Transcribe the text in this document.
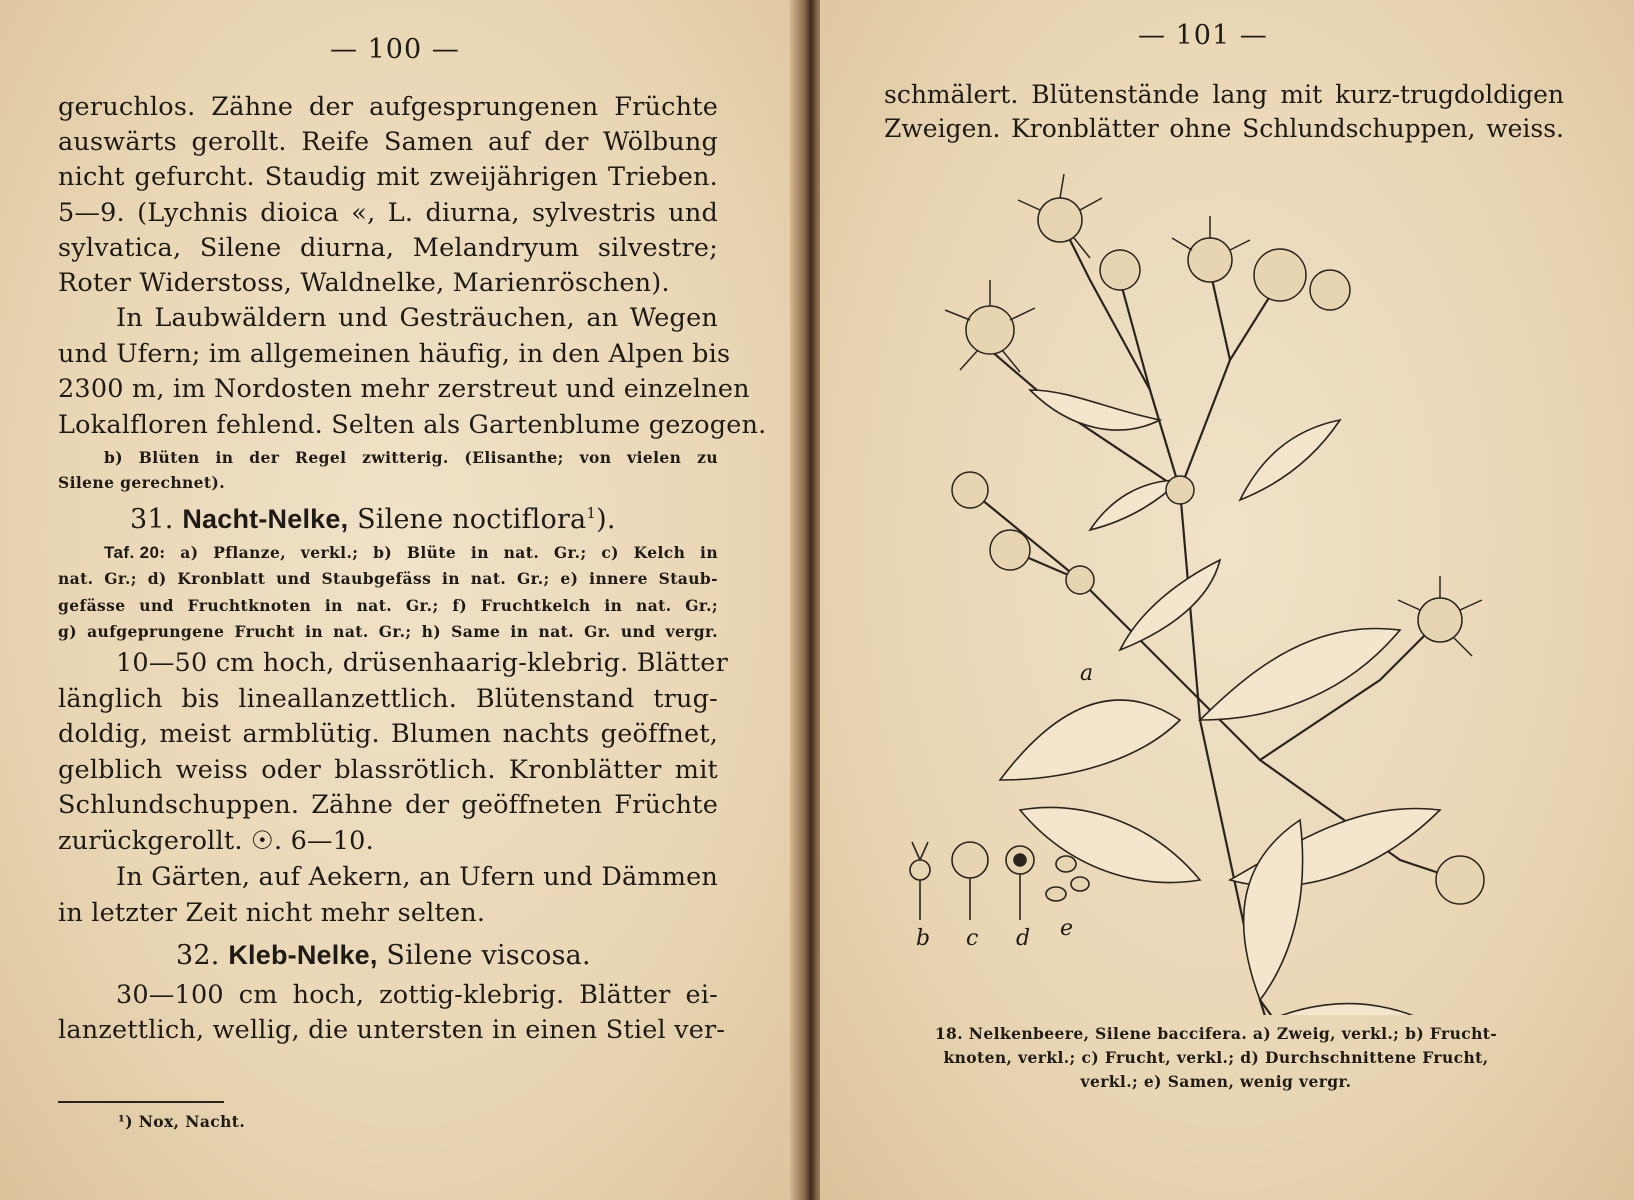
— 100 —
geruchlos. Zähne der aufgesprungenen Früchte
auswärts gerollt. Reife Samen auf der Wölbung
nicht gefurcht. Staudig mit zweijährigen Trieben.
5—9. (Lychnis dioica «, L. diurna, sylvestris und
sylvatica, Silene diurna, Melandryum silvestre;
Roter Widerstoss, Waldnelke, Marienröschen).
In Laubwäldern und Gesträuchen, an Wegen
und Ufern; im allgemeinen häufig, in den Alpen bis
2300 m, im Nordosten mehr zerstreut und einzelnen
Lokalfloren fehlend. Selten als Gartenblume gezogen.
b) Blüten in der Regel zwitterig. (Elisanthe; von vielen zu
Silene gerechnet).
31. Nacht-Nelke, Silene noctiflora$^1$).
Taf. 20 : a) Pflanze, verkl.; b) Blüte in nat. Gr.; c) Kelch in
nat. Gr.; d) Kronblatt und Staubgefäss in nat. Gr.; e) innere Staub-
gefässe und Fruchtknoten in nat. Gr.; f) Fruchtkelch in nat. Gr.;
g) aufgeprungene Frucht in nat. Gr.; h) Same in nat. Gr. und vergr.
10—50 cm hoch, drüsenhaarig-klebrig. Blätter
länglich bis lineallanzettlich. Blütenstand trug-
doldig, meist armblütig. Blumen nachts geöffnet,
gelblich weiss oder blassrötlich. Kronblätter mit
Schlundschuppen. Zähne der geöffneten Früchte
zurückgerollt. ☉. 6—10.
In Gärten, auf Aekern, an Ufern und Dämmen
in letzter Zeit nicht mehr selten.
32. Kleb-Nelke, Silene viscosa.
30—100 cm hoch, zottig-klebrig. Blätter ei-
lanzettlich, wellig, die untersten in einen Stiel ver-
¹) Nox, Nacht.
— 101 —
schmälert. Blütenstände lang mit kurz-trugdoldigen
Zweigen. Kronblätter ohne Schlundschuppen, weiss.
a
b c d e
18. Nelkenbeere, Silene baccifera. a) Zweig, verkl.; b) Frucht-
knoten, verkl.; c) Frucht, verkl.; d) Durchschnittene Frucht,
verkl.; e) Samen, wenig vergr.
